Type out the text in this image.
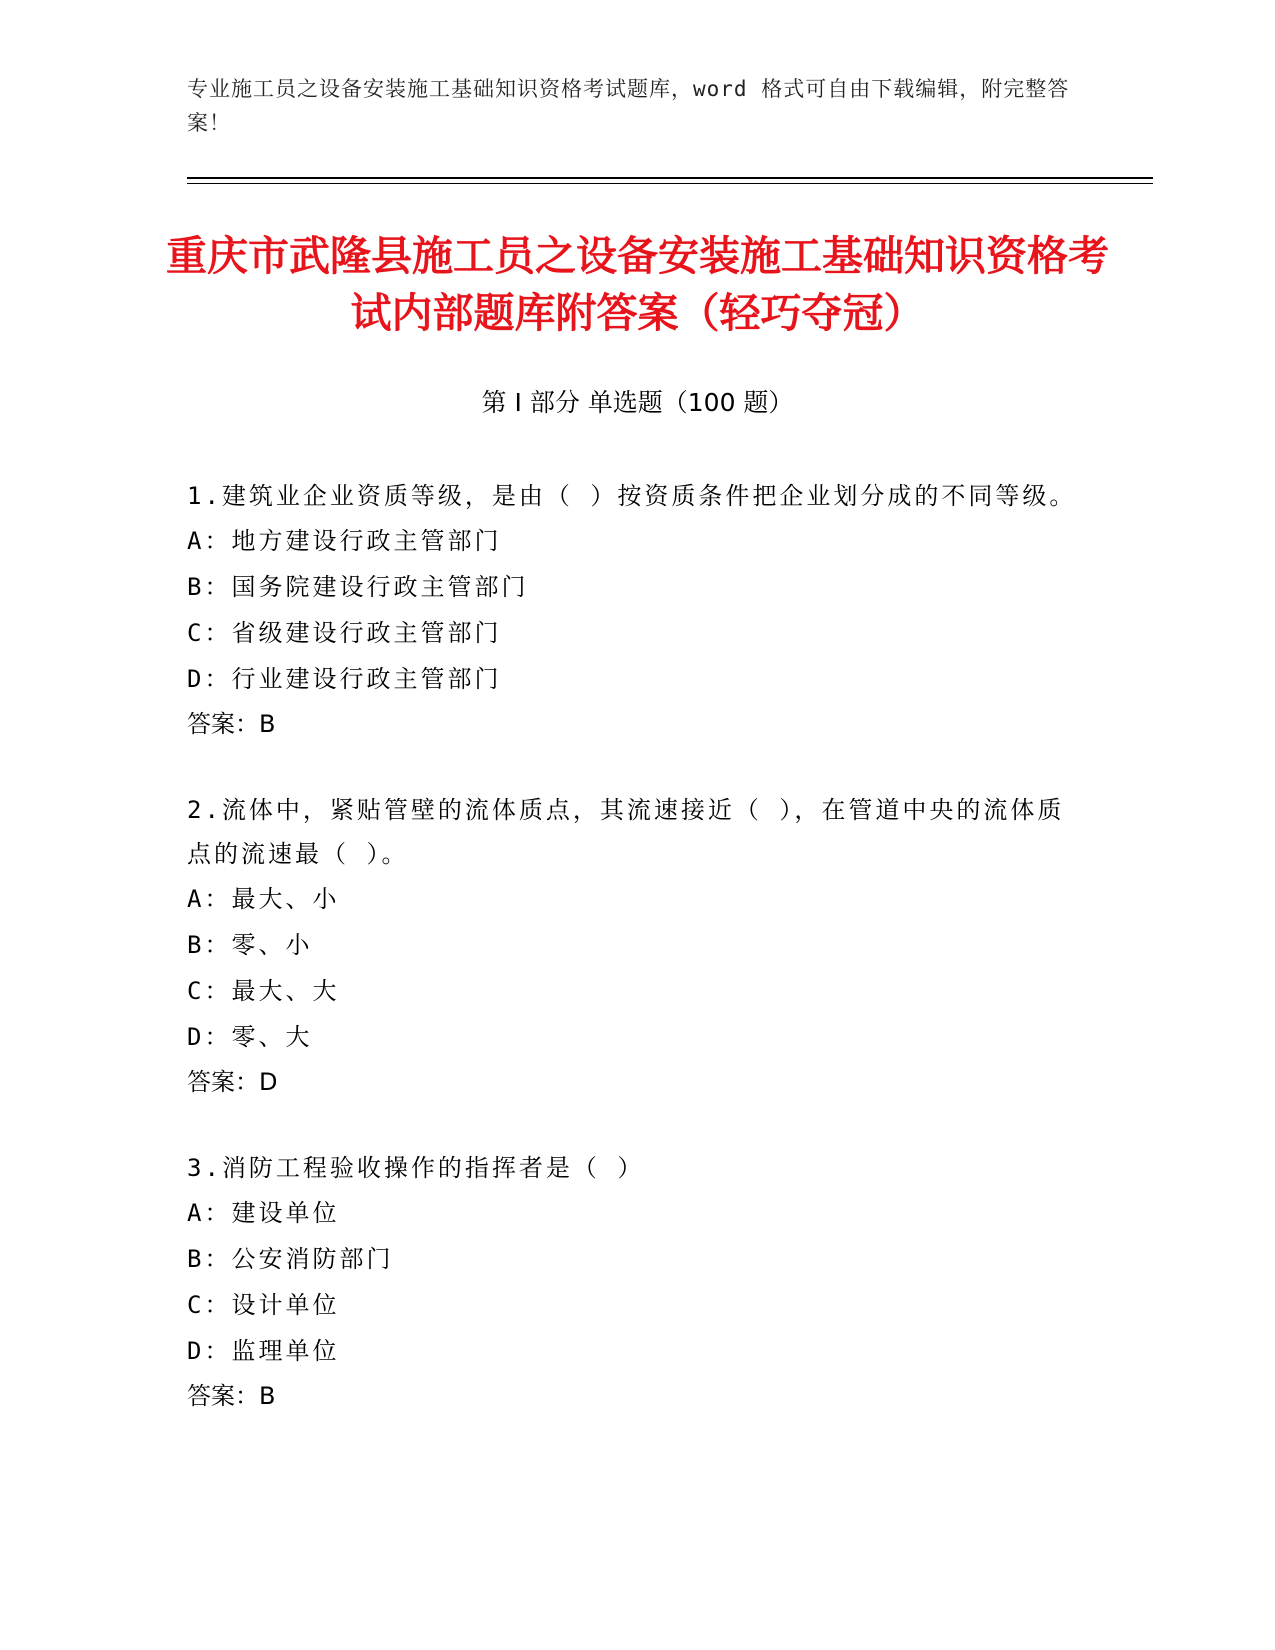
专业施工员之设备安装施工基础知识资格考试题库，word 格式可自由下载编辑，附完整答案！
重庆市武隆县施工员之设备安装施工基础知识资格考试内部题库附答案（轻巧夺冠）
第 I 部分 单选题（100 题）

1.建筑业企业资质等级，是由（ ）按资质条件把企业划分成的不同等级。

A：地方建设行政主管部门

B：国务院建设行政主管部门

C：省级建设行政主管部门

D：行业建设行政主管部门

答案：B

2.流体中，紧贴管壁的流体质点，其流速接近（ ），在管道中央的流体质点的流速最（ ）。

A：最大、小

B：零、小

C：最大、大

D：零、大

答案：D

3.消防工程验收操作的指挥者是（ ）

A：建设单位

B：公安消防部门

C：设计单位

D：监理单位

答案：B
